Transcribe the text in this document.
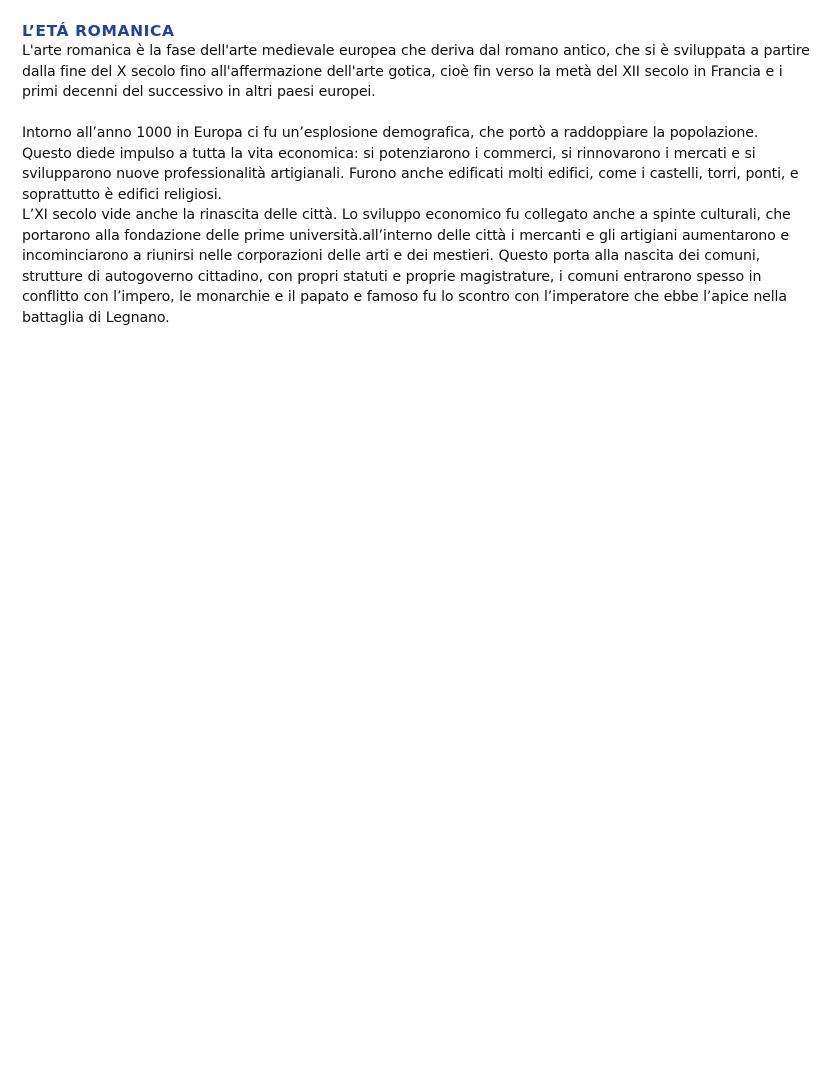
L’ETÁ ROMANICA

L'arte romanica è la fase dell'arte medievale europea che deriva dal romano antico, che si è sviluppata a partire dalla fine del X secolo fino all'affermazione dell'arte gotica, cioè fin verso la metà del XII secolo in Francia e i primi decenni del successivo in altri paesi europei.

Intorno all’anno 1000 in Europa ci fu un’esplosione demografica, che portò a raddoppiare la popolazione. Questo diede impulso a tutta la vita economica: si potenziarono i commerci, si rinnovarono i mercati e si svilupparono nuove professionalità artigianali. Furono anche edificati molti edifici, come i castelli, torri, ponti, e soprattutto è edifici religiosi.

L’XI secolo vide anche la rinascita delle città. Lo sviluppo economico fu collegato anche a spinte culturali, che portarono alla fondazione delle prime università.all’interno delle città i mercanti e gli artigiani aumentarono e incominciarono a riunirsi nelle corporazioni delle arti e dei mestieri. Questo porta alla nascita dei comuni, strutture di autogoverno cittadino, con propri statuti e proprie magistrature, i comuni entrarono spesso in conflitto con l’impero, le monarchie e il papato e famoso fu lo scontro con l’imperatore che ebbe l’apice nella battaglia di Legnano.
